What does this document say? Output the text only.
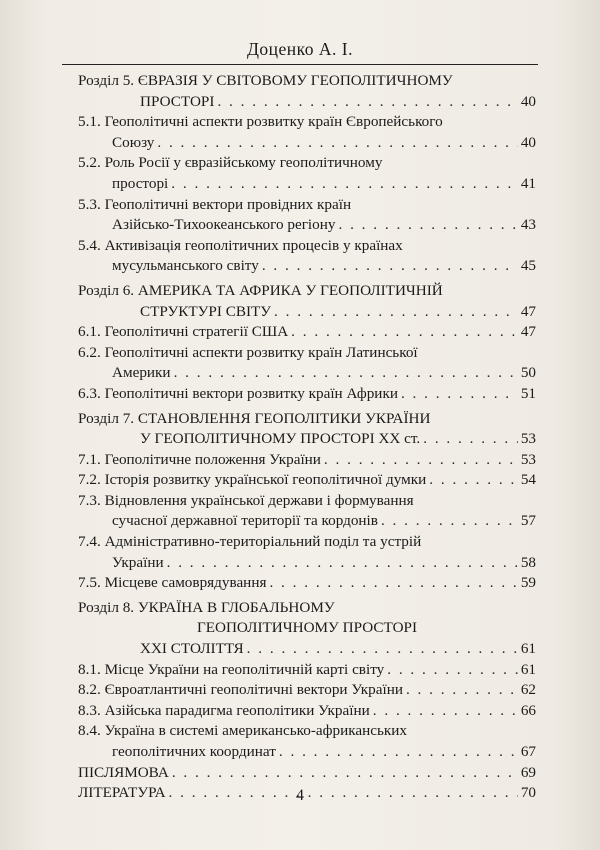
Доценко А. І.
Розділ 5. ЄВРАЗІЯ У СВІТОВОМУ ГЕОПОЛІТИЧНОМУ
ПРОСТОРІ . . .	40
5.1. Геополітичні аспекти розвитку країн Європейського
Союзу . . .	40
5.2. Роль Росії у євразійському геополітичному
просторі . . .	41
5.3. Геополітичні вектори провідних країн
Азійсько-Тихоокеанського регіону . . .	43
5.4. Активізація геополітичних процесів у країнах
мусульманського світу . . .	45
Розділ 6. АМЕРИКА ТА АФРИКА У ГЕОПОЛІТИЧНІЙ
СТРУКТУРІ СВІТУ . . .	47
6.1. Геополітичні стратегії США . . .	47
6.2. Геополітичні аспекти розвитку країн Латинської
Америки . . .	50
6.3. Геополітичні вектори розвитку країн Африки . . .	51
Розділ 7. СТАНОВЛЕННЯ ГЕОПОЛІТИКИ УКРАЇНИ
У ГЕОПОЛІТИЧНОМУ ПРОСТОРІ ХХ ст. . . .	53
7.1. Геополітичне положення України . . .	53
7.2. Історія розвитку української геополітичної думки . . .	54
7.3. Відновлення української держави і формування
сучасної державної території та кордонів . . .	57
7.4. Адміністративно-територіальний поділ та устрій
України . . .	58
7.5. Місцеве самоврядування . . .	59
Розділ 8. УКРАЇНА В ГЛОБАЛЬНОМУ
ГЕОПОЛІТИЧНОМУ ПРОСТОРІ
ХХІ СТОЛІТТЯ . . .	61
8.1. Місце України на геополітичній карті світу . . .	61
8.2. Євроатлантичні геополітичні вектори України . . .	62
8.3. Азійська парадигма геополітики України . . .	66
8.4. Україна в системі американсько-африканських
геополітичних координат . . .	67
ПІСЛЯМОВА . . .	69
ЛІТЕРАТУРА . . .	70
4
